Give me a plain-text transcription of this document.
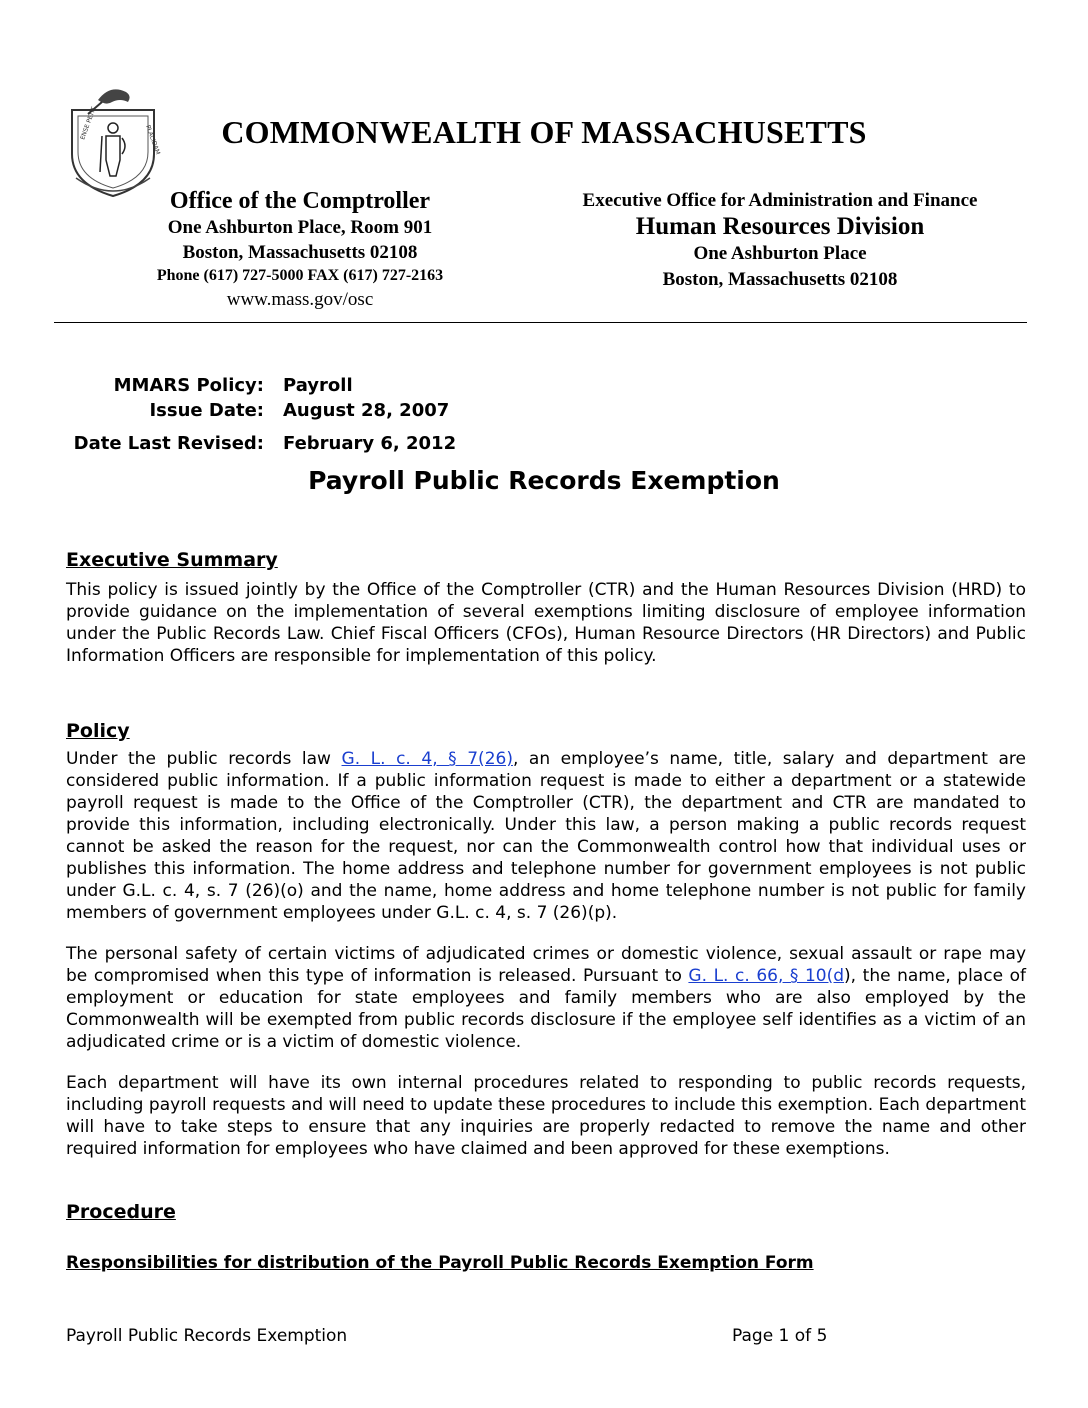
ENSE PETIT	PLACIDAM	COMMONWEALTH OF MASSACHUSETTS
Office of the Comptroller
One Ashburton Place, Room 901
Boston, Massachusetts 02108
Phone (617) 727-5000 FAX (617) 727-2163
www.mass.gov/osc
Executive Office for Administration and Finance
Human Resources Division
One Ashburton Place
Boston, Massachusetts 02108
MMARS Policy: Payroll
Issue Date: August 28, 2007
Date Last Revised: February 6, 2012
Payroll Public Records Exemption
Executive Summary

This policy is issued jointly by the Office of the Comptroller (CTR) and the Human Resources Division (HRD) to provide guidance on the implementation of several exemptions limiting disclosure of employee information under the Public Records Law. Chief Fiscal Officers (CFOs), Human Resource Directors (HR Directors) and Public Information Officers are responsible for implementation of this policy.

Policy

Under the public records law G. L. c. 4, § 7(26), an employee’s name, title, salary and department are considered public information. If a public information request is made to either a department or a statewide payroll request is made to the Office of the Comptroller (CTR), the department and CTR are mandated to provide this information, including electronically. Under this law, a person making a public records request cannot be asked the reason for the request, nor can the Commonwealth control how that individual uses or publishes this information. The home address and telephone number for government employees is not public under G.L. c. 4, s. 7 (26)(o) and the name, home address and home telephone number is not public for family members of government employees under G.L. c. 4, s. 7 (26)(p).

The personal safety of certain victims of adjudicated crimes or domestic violence, sexual assault or rape may be compromised when this type of information is released. Pursuant to G. L. c. 66, § 10(d), the name, place of employment or education for state employees and family members who are also employed by the Commonwealth will be exempted from public records disclosure if the employee self identifies as a victim of an adjudicated crime or is a victim of domestic violence.

Each department will have its own internal procedures related to responding to public records requests, including payroll requests and will need to update these procedures to include this exemption. Each department will have to take steps to ensure that any inquiries are properly redacted to remove the name and other required information for employees who have claimed and been approved for these exemptions.

Procedure
Responsibilities for distribution of the Payroll Public Records Exemption Form
Payroll Public Records Exemption	Page 1 of 5
